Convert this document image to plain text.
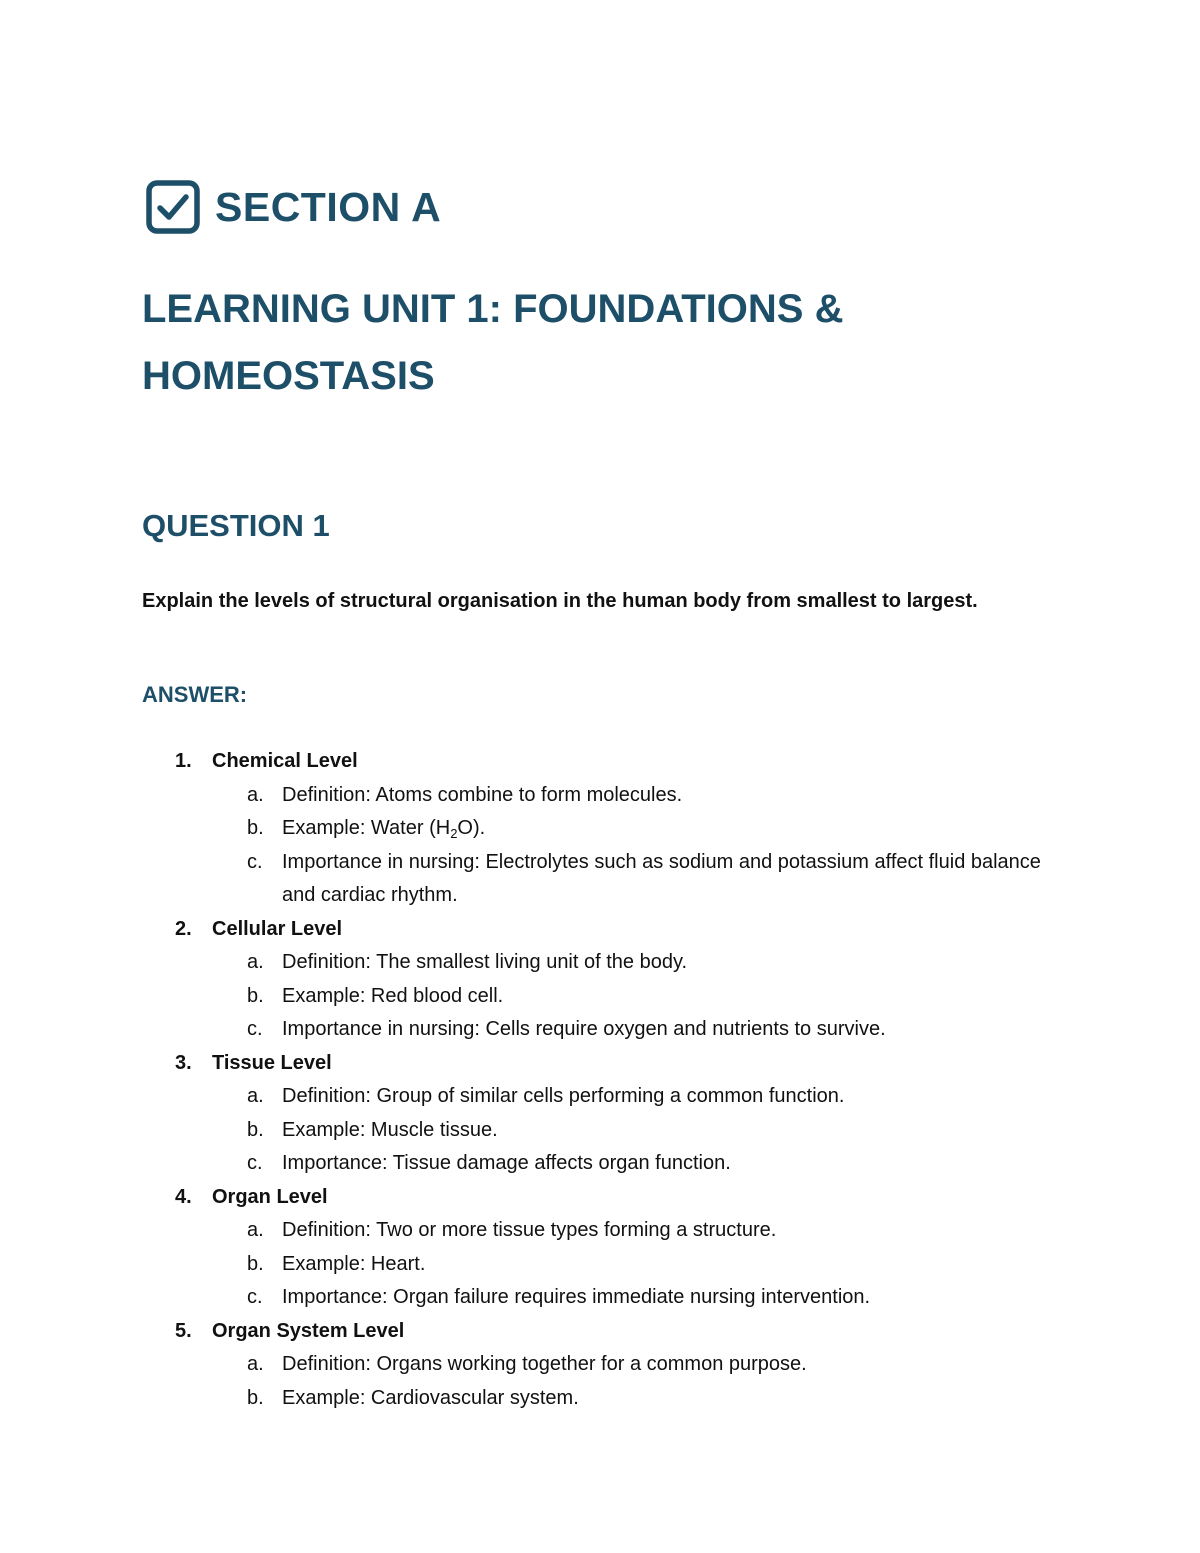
SECTION A
LEARNING UNIT 1: FOUNDATIONS & HOMEOSTASIS
QUESTION 1

Explain the levels of structural organisation in the human body from smallest to largest.

ANSWER:

1. Chemical Level
a. Definition: Atoms combine to form molecules.
b. Example: Water $(H_2O)$.
c. Importance in nursing: Electrolytes such as sodium and potassium affect fluid balance and cardiac rhythm.
2. Cellular Level
a. Definition: The smallest living unit of the body.
b. Example: Red blood cell.
c. Importance in nursing: Cells require oxygen and nutrients to survive.
3. Tissue Level
a. Definition: Group of similar cells performing a common function.
b. Example: Muscle tissue.
c. Importance: Tissue damage affects organ function.
4. Organ Level
a. Definition: Two or more tissue types forming a structure.
b. Example: Heart.
c. Importance: Organ failure requires immediate nursing intervention.
5. Organ System Level
a. Definition: Organs working together for a common purpose.
b. Example: Cardiovascular system.
